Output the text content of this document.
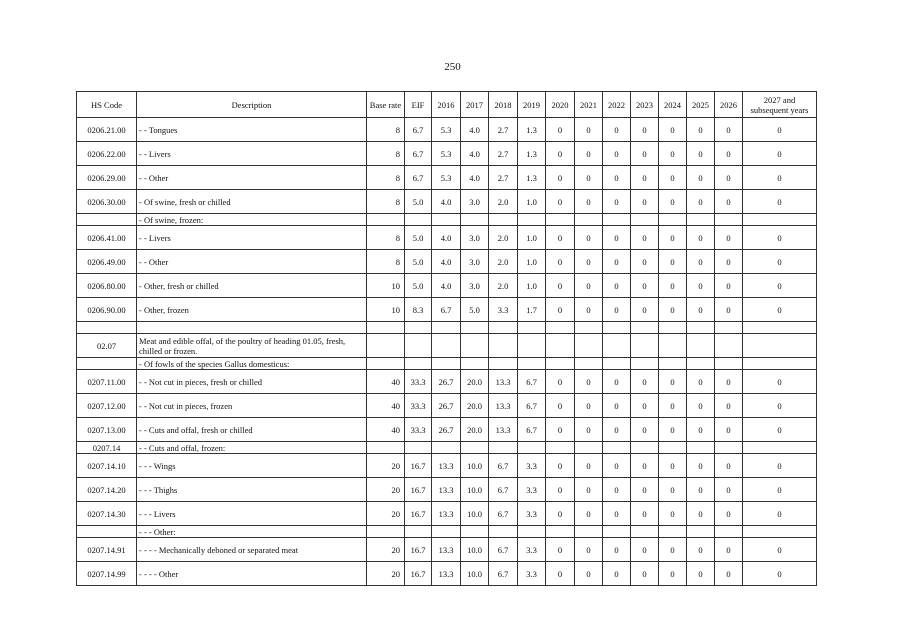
250
HS Code	Description	Base rate	EIF	2016	2017	2018	2019	2020	2021	2022	2023	2024	2025	2026	2027 and subsequent years
0206.21.00	- - Tongues	8	6.7	5.3	4.0	2.7	1.3	0	0	0	0	0	0	0	0
0206.22.00	- - Livers	8	6.7	5.3	4.0	2.7	1.3	0	0	0	0	0	0	0	0
0206.29.00	- - Other	8	6.7	5.3	4.0	2.7	1.3	0	0	0	0	0	0	0	0
0206.30.00	- Of swine, fresh or chilled	8	5.0	4.0	3.0	2.0	1.0	0	0	0	0	0	0	0	0
	- Of swine, frozen:														
0206.41.00	- - Livers	8	5.0	4.0	3.0	2.0	1.0	0	0	0	0	0	0	0	0
0206.49.00	- - Other	8	5.0	4.0	3.0	2.0	1.0	0	0	0	0	0	0	0	0
0206.80.00	- Other, fresh or chilled	10	5.0	4.0	3.0	2.0	1.0	0	0	0	0	0	0	0	0
0206.90.00	- Other, frozen	10	8.3	6.7	5.0	3.3	1.7	0	0	0	0	0	0	0	0

02.07	Meat and edible offal, of the poultry of heading 01.05, fresh, chilled or frozen.														
	- Of fowls of the species Gallus domesticus:														
0207.11.00	- - Not cut in pieces, fresh or chilled	40	33.3	26.7	20.0	13.3	6.7	0	0	0	0	0	0	0	0
0207.12.00	- - Not cut in pieces, frozen	40	33.3	26.7	20.0	13.3	6.7	0	0	0	0	0	0	0	0
0207.13.00	- - Cuts and offal, fresh or chilled	40	33.3	26.7	20.0	13.3	6.7	0	0	0	0	0	0	0	0
0207.14	- - Cuts and offal, frozen:														
0207.14.10	- - - Wings	20	16.7	13.3	10.0	6.7	3.3	0	0	0	0	0	0	0	0
0207.14.20	- - - Thighs	20	16.7	13.3	10.0	6.7	3.3	0	0	0	0	0	0	0	0
0207.14.30	- - - Livers	20	16.7	13.3	10.0	6.7	3.3	0	0	0	0	0	0	0	0
	- - - Other:														
0207.14.91	- - - - Mechanically deboned or separated meat	20	16.7	13.3	10.0	6.7	3.3	0	0	0	0	0	0	0	0
0207.14.99	- - - - Other	20	16.7	13.3	10.0	6.7	3.3	0	0	0	0	0	0	0	0
